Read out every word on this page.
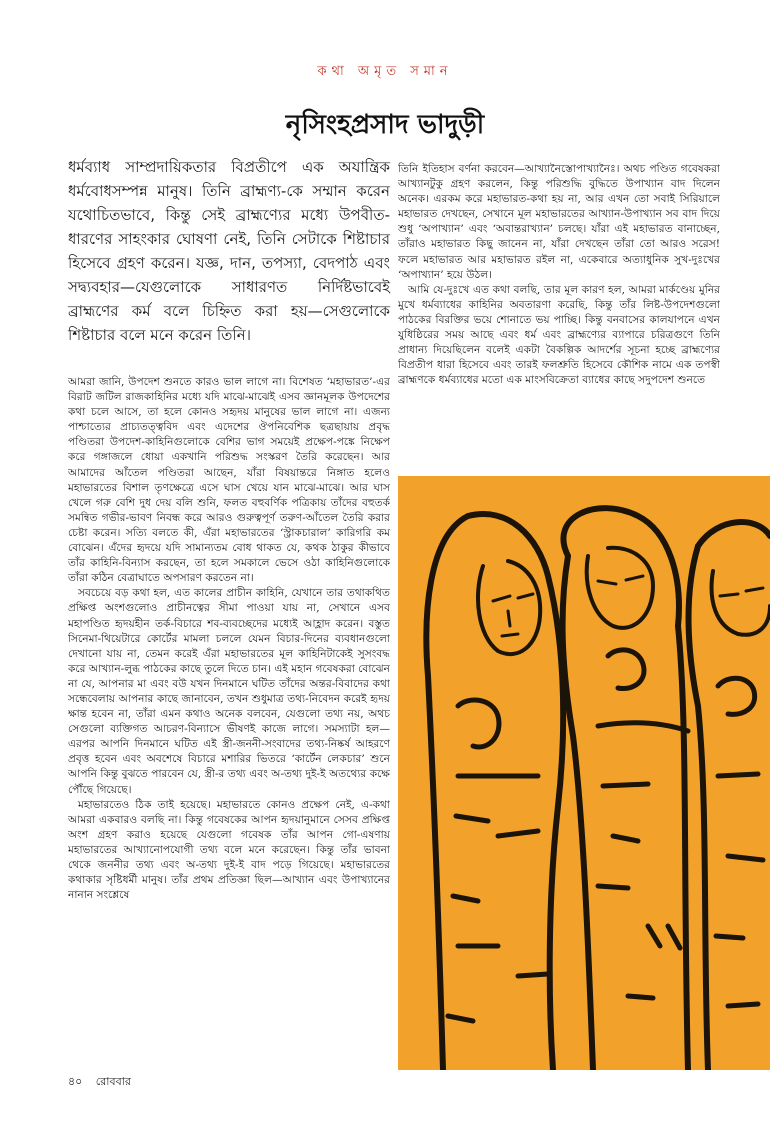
কথা অমৃত সমান
নৃসিংহপ্রসাদ ভাদুড়ী

ধর্মব্যাধ সাম্প্রদায়িকতার বিপ্রতীপে এক অযান্ত্রিক ধর্মবোধসম্পন্ন মানুষ। তিনি ব্রাহ্মণ্য-কে সম্মান করেন যথোচিতভাবে, কিন্তু সেই ব্রাহ্মণ্যের মধ্যে উপবীত-ধারণের সাহংকার ঘোষণা নেই, তিনি সেটাকে শিষ্টাচার হিসেবে গ্রহণ করেন। যজ্ঞ, দান, তপস্যা, বেদপাঠ এবং সদ্ব্যবহার—যেগুলোকে সাধারণত নির্দিষ্টভাবেই ব্রাহ্মণের কর্ম বলে চিহ্নিত করা হয়—সেগুলোকে শিষ্টাচার বলে মনে করেন তিনি।

আমরা জানি, উপদেশ শুনতে কারও ভাল লাগে না। বিশেষত ‘মহাভারত’-এর বিরাট জটিল রাজকাহিনির মধ্যে যদি মাঝে-মাঝেই এসব জ্ঞানমূলক উপদেশের কথা চলে আসে, তা হলে কোনও সহৃদয় মানুষের ভাল লাগে না। এজন্য পাশ্চাত্যের প্রাচ্যতত্ত্ববিদ এবং এদেশের ঔপনিবেশিক ছত্রছায়ায় প্রবৃদ্ধ পণ্ডিতরা উপদেশ-কাহিনিগুলোকে বেশির ভাগ সময়েই প্রক্ষেপ-পঙ্কে নিক্ষেপ করে গঙ্গাজলে ধোয়া একখানি পরিশুদ্ধ সংস্করণ তৈরি করেছেন। আর আমাদের আঁতেল পণ্ডিতরা আছেন, যাঁরা বিষয়ান্তরে নিঙ্গাত হলেও মহাভারতের বিশাল তৃণক্ষেত্রে এসে ঘাস খেয়ে যান মাঝে-মাঝে। আর ঘাস খেলে গরু বেশি দুধ দেয় বলি শুনি, ফলত বহুবর্ণিক পত্রিকায় তাঁদের বহুতর্ক সমন্বিত গভীর-ভাবণ নিবন্ধ করে আরও গুরুত্বপূর্ণ তরুণ-আঁতেল তৈরি করার চেষ্টা করেন। সত্যি বলতে কী, এঁরা মহাভারতের ‘স্ট্রাকচারাল’ কারিগরি কম বোঝেন। এঁদের হৃদয়ে যদি সামান্যতম বোধ থাকত যে, কথক ঠাকুর কীভাবে তাঁর কাহিনি-বিন্যাস করছেন, তা হলে সমকালে ভেসে ওঠা কাহিনিগুলোকে তাঁরা কঠিন বেত্রাঘাতে অপসারণ করতেন না।

সবচেয়ে বড় কথা হল, এত কালের প্রাচীন কাহিনি, যেখানে তার তথাকথিত প্রক্ষিপ্ত অংশগুলোও প্রাচীনত্বের সীমা পাওয়া যায় না, সেখানে এসব মহাপণ্ডিত হৃদয়হীন তর্ক-বিচারে শব-ব্যবচ্ছেদের মধ্যেই আহ্লাদ করেন। বস্তুত সিনেমা-থিয়েটারে কোর্টের মামলা চললে যেমন বিচার-দিনের ব্যবধানগুলো দেখানো যায় না, তেমন করেই এঁরা মহাভারতের মূল কাহিনিটাকেই সুসংবদ্ধ করে আখ্যান-লুব্ধ পাঠকের কাছে তুলে দিতে চান। এই মহান গবেষকরা বোঝেন না যে, আপনার মা এবং বউ যখন দিনমানে ঘটিত তাঁদের অন্তর-বিবাদের কথা সন্ধেবেলায় আপনার কাছে জানাবেন, তখন শুধুমাত্র তথ্য-নিবেদন করেই হৃদয় ক্ষান্ত হবেন না, তাঁরা এমন কথাও অনেক বলবেন, যেগুলো তথ্য নয়, অথচ সেগুলো ব্যক্তিগত আচরণ-বিন্যাসে ভীষণই কাজে লাগে। সমস্যাটা হল—এরপর আপনি দিনমানে ঘটিত এই স্ত্রী-জননী-সংবাদের তথ্য-নিষ্কর্ষ আহরণে প্রবৃত্ত হবেন এবং অবশেষে বিচারে মশারির ভিতরে ‘কার্টেন লেকচার’ শুনে আপনি কিন্তু বুঝতে পারবেন যে, স্ত্রী-র তথ্য এবং অ-তথ্য দুই-ই অতথ্যের কক্ষে পৌঁছে গিয়েছে।

মহাভারতেও ঠিক তাই হয়েছে। মহাভারতে কোনও প্রক্ষেপ নেই, এ-কথা আমরা একবারও বলছি না। কিন্তু গবেষকের আপন হৃদয়ানুমানে সেসব প্রক্ষিপ্ত অংশ গ্রহণ করাও হয়েছে যেগুলো গবেষক তাঁর আপন গো-এষণায় মহাভারতের আখ্যানোপযোগী তথ্য বলে মনে করেছেন। কিন্তু তাঁর ভাবনা থেকে জননীর তথ্য এবং অ-তথ্য দুই-ই বাদ পড়ে গিয়েছে। মহাভারতের কথাকার সৃষ্টিধর্মী মানুষ। তাঁর প্রথম প্রতিজ্ঞা ছিল—আখ্যান এবং উপাখ্যানের নানান সংশ্লেষে

তিনি ইতিহাস বর্ণনা করবেন—আখ্যানৈস্তোপাখ্যানৈঃ। অথচ পণ্ডিত গবেষকরা আখ্যানটুকু গ্রহণ করলেন, কিন্তু পরিশুদ্ধি বুদ্ধিতে উপাখ্যান বাদ দিলেন অনেক। এরকম করে মহাভারত-কথা হয় না, আর এখন তো সবাই সিরিয়ালে মহাভারত দেখছেন, সেখানে মূল মহাভারতের আখ্যান-উপাখ্যান সব বাদ দিয়ে শুধু ‘অপাখ্যান’ এবং ‘অবান্তরাখ্যান’ চলছে। যাঁরা এই মহাভারত বানাচ্ছেন, তাঁরাও মহাভারত কিছু জানেন না, যাঁরা দেখছেন তাঁরা তো আরও সরেস! ফলে মহাভারত আর মহাভারত রইল না, একেবারে অত্যাধুনিক সুখ-দুঃখের ‘অপাখ্যান’ হয়ে উঠল।

আমি যে-দুঃখে এত কথা বলছি, তার মূল কারণ হল, আমরা মার্কণ্ডেয় মুনির মুখে ধর্মব্যাধের কাহিনির অবতারণা করেছি, কিন্তু তাঁর লিষ্ট-উপদেশগুলো পাঠকের বিরক্তির ভয়ে শোনাতে ভয় পাচ্ছি। কিন্তু বনবাসের কালযাপনে এখন যুধিষ্ঠিরের সময় আছে এবং ধর্ম এবং ব্রাহ্মণ্যের ব্যাপারে চরিত্রগুণে তিনি প্রাধান্য দিয়েছিলেন বলেই একটা বৈকল্পিক আদর্শের সূচনা হচ্ছে ব্রাহ্মণ্যের বিপ্রতীপ ধারা হিসেবে এবং তারই ফলশ্রুতি হিসেবে কৌশিক নামে এক তপস্বী ব্রাহ্মণকে ধর্মব্যাধের মতো এক মাংসবিক্রেতা ব্যাধের কাছে সদুপদেশ শুনতে

৪০ রোববার
